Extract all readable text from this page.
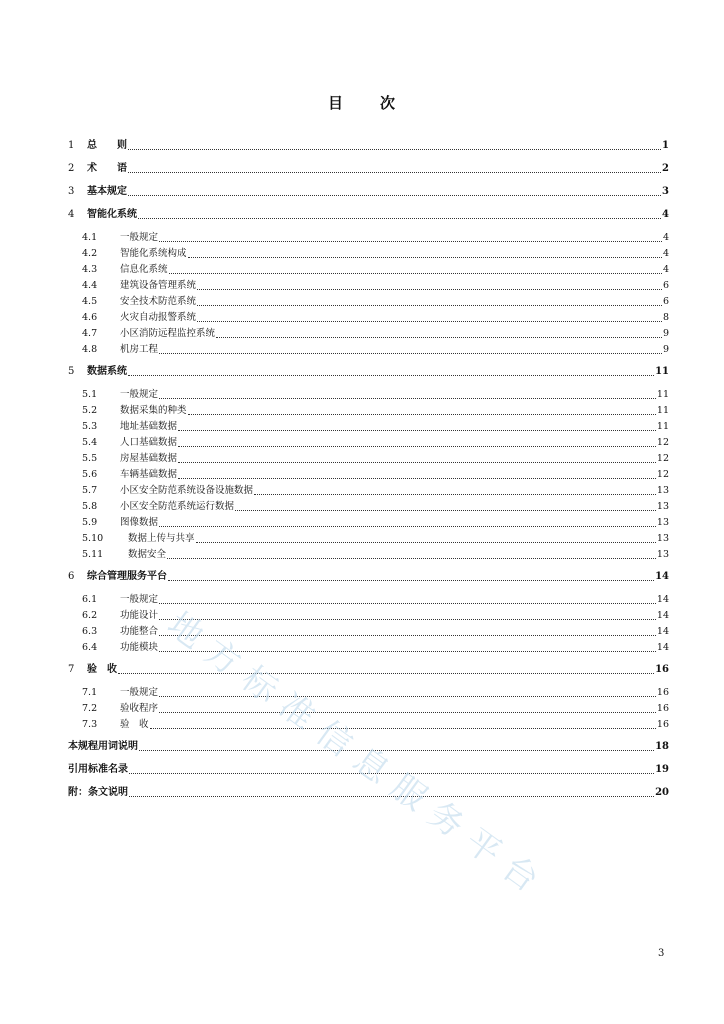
目 次
1	总　　则	1
2	术　　语	2
3	基本规定	3
4	智能化系统	4
4.1	一般规定	4
4.2	智能化系统构成	4
4.3	信息化系统	4
4.4	建筑设备管理系统	6
4.5	安全技术防范系统	6
4.6	火灾自动报警系统	8
4.7	小区消防远程监控系统	9
4.8	机房工程	9
5	数据系统	11
5.1	一般规定	11
5.2	数据采集的种类	11
5.3	地址基础数据	11
5.4	人口基础数据	12
5.5	房屋基础数据	12
5.6	车辆基础数据	12
5.7	小区安全防范系统设备设施数据	13
5.8	小区安全防范系统运行数据	13
5.9	图像数据	13
5.10	数据上传与共享	13
5.11	数据安全	13
6	综合管理服务平台	14
6.1	一般规定	14
6.2	功能设计	14
6.3	功能整合	14
6.4	功能模块	14
7	验　收	16
7.1	一般规定	16
7.2	验收程序	16
7.3	验　收	16
本规程用词说明	18
引用标准名录	19
附：条文说明	20
地方标准信息服务平台
3
